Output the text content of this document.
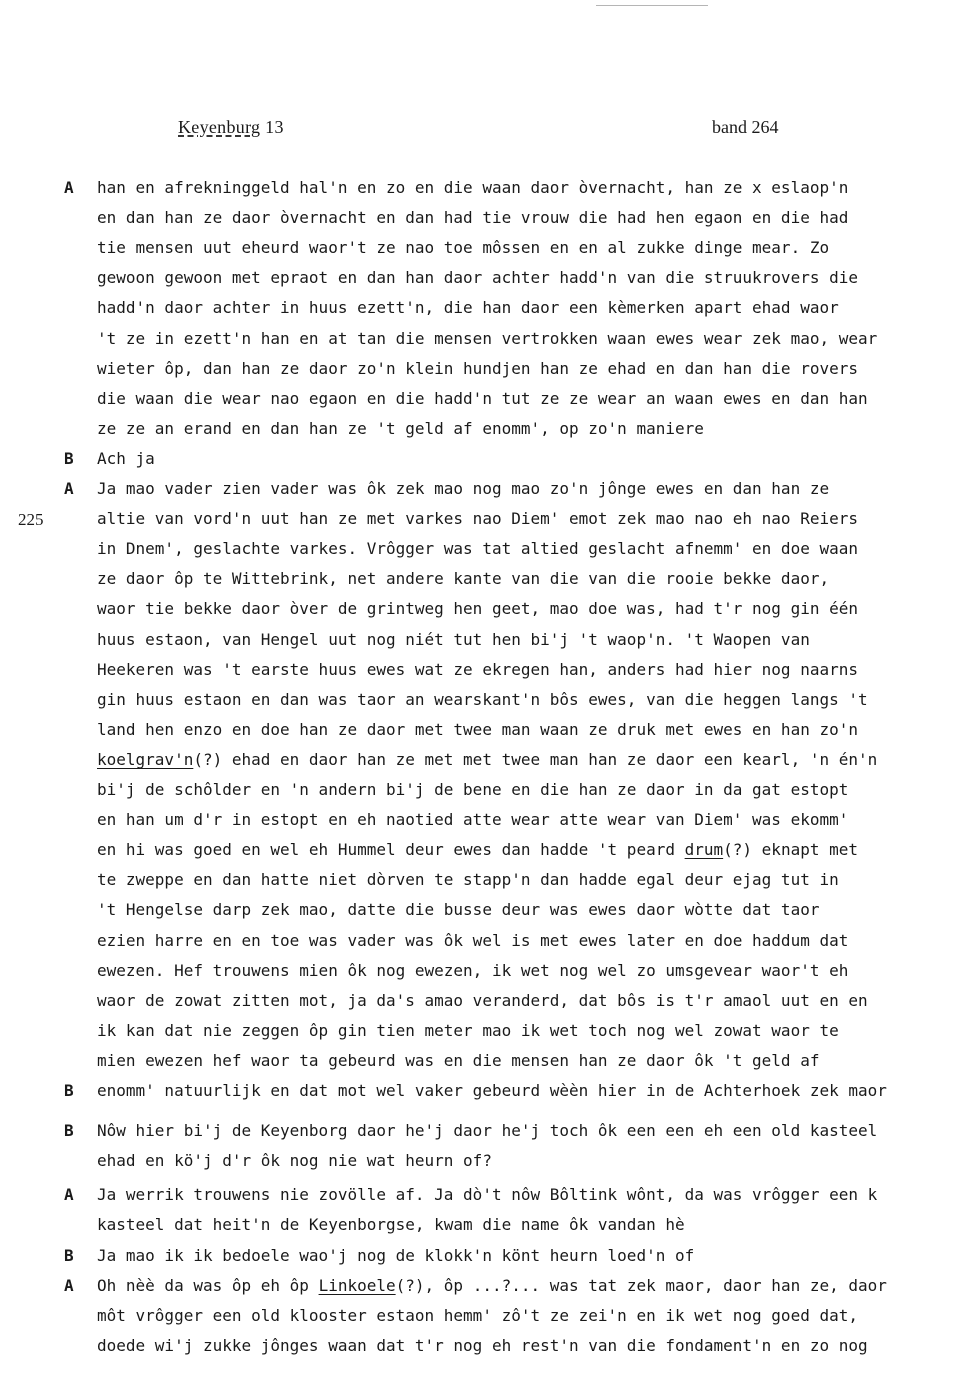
Keyenburg 13	band 264
225
A han en afrekninggeld hal'n en zo en die waan daor òvernacht, han ze x eslaop'n
en dan han ze daor òvernacht en dan had tie vrouw die had hen egaon en die had
tie mensen uut eheurd waor't ze nao toe môssen en en al zukke dinge mear. Zo
gewoon gewoon met epraot en dan han daor achter hadd'n van die struukrovers die
hadd'n daor achter in huus ezett'n, die han daor een kèmerken apart ehad waor
't ze in ezett'n han en at tan die mensen vertrokken waan ewes wear zek mao, wear
wieter ôp, dan han ze daor zo'n klein hundjen han ze ehad en dan han die rovers
die waan die wear nao egaon en die hadd'n tut ze ze wear an waan ewes en dan han
ze ze an erand en dan han ze 't geld af enomm', op zo'n maniere
B Ach ja
A Ja mao vader zien vader was ôk zek mao nog mao zo'n jônge ewes en dan han ze
altie van vord'n uut han ze met varkes nao Diem' emot zek mao nao eh nao Reiers
in Dnem', geslachte varkes. Vrôgger was tat altied geslacht afnemm' en doe waan
ze daor ôp te Wittebrink, net andere kante van die van die rooie bekke daor,
waor tie bekke daor òver de grintweg hen geet, mao doe was, had t'r nog gin één
huus estaon, van Hengel uut nog niét tut hen bi'j 't waop'n. 't Waopen van
Heekeren was 't earste huus ewes wat ze ekregen han, anders had hier nog naarns
gin huus estaon en dan was taor an wearskant'n bôs ewes, van die heggen langs 't
land hen enzo en doe han ze daor met twee man waan ze druk met ewes en han zo'n
koelgrav'n(?) ehad en daor han ze met met twee man han ze daor een kearl, 'n én'n
bi'j de schôlder en 'n andern bi'j de bene en die han ze daor in da gat estopt
en han um d'r in estopt en eh naotied atte wear atte wear van Diem' was ekomm'
en hi was goed en wel eh Hummel deur ewes dan hadde 't peard drum(?) eknapt met
te zweppe en dan hatte niet dòrven te stapp'n dan hadde egal deur ejag tut in
't Hengelse darp zek mao, datte die busse deur was ewes daor wòtte dat taor
ezien harre en en toe was vader was ôk wel is met ewes later en doe haddum dat
ewezen. Hef trouwens mien ôk nog ewezen, ik wet nog wel zo umsgevear waor't eh
waor de zowat zitten mot, ja da's amao veranderd, dat bôs is t'r amaol uut en en
ik kan dat nie zeggen ôp gin tien meter mao ik wet toch nog wel zowat waor te
mien ewezen hef waor ta gebeurd was en die mensen han ze daor ôk 't geld af
B enomm' natuurlijk en dat mot wel vaker gebeurd wèèn hier in de Achterhoek zek maor
B Nôw hier bi'j de Keyenborg daor he'j daor he'j toch ôk een een eh een old kasteel
ehad en kö'j d'r ôk nog nie wat heurn of?
A Ja werrik trouwens nie zovölle af. Ja dò't nôw Bôltink wônt, da was vrôgger een k
kasteel dat heit'n de Keyenborgse, kwam die name ôk vandan hè
B Ja mao ik ik bedoele wao'j nog de klokk'n könt heurn loed'n of
A Oh nèè da was ôp eh ôp Linkoele(?), ôp ...?... was tat zek maor, daor han ze, daor
môt vrôgger een old klooster estaon hemm' zô't ze zei'n en ik wet nog goed dat,
doede wi'j zukke jônges waan dat t'r nog eh rest'n van die fondament'n en zo nog
